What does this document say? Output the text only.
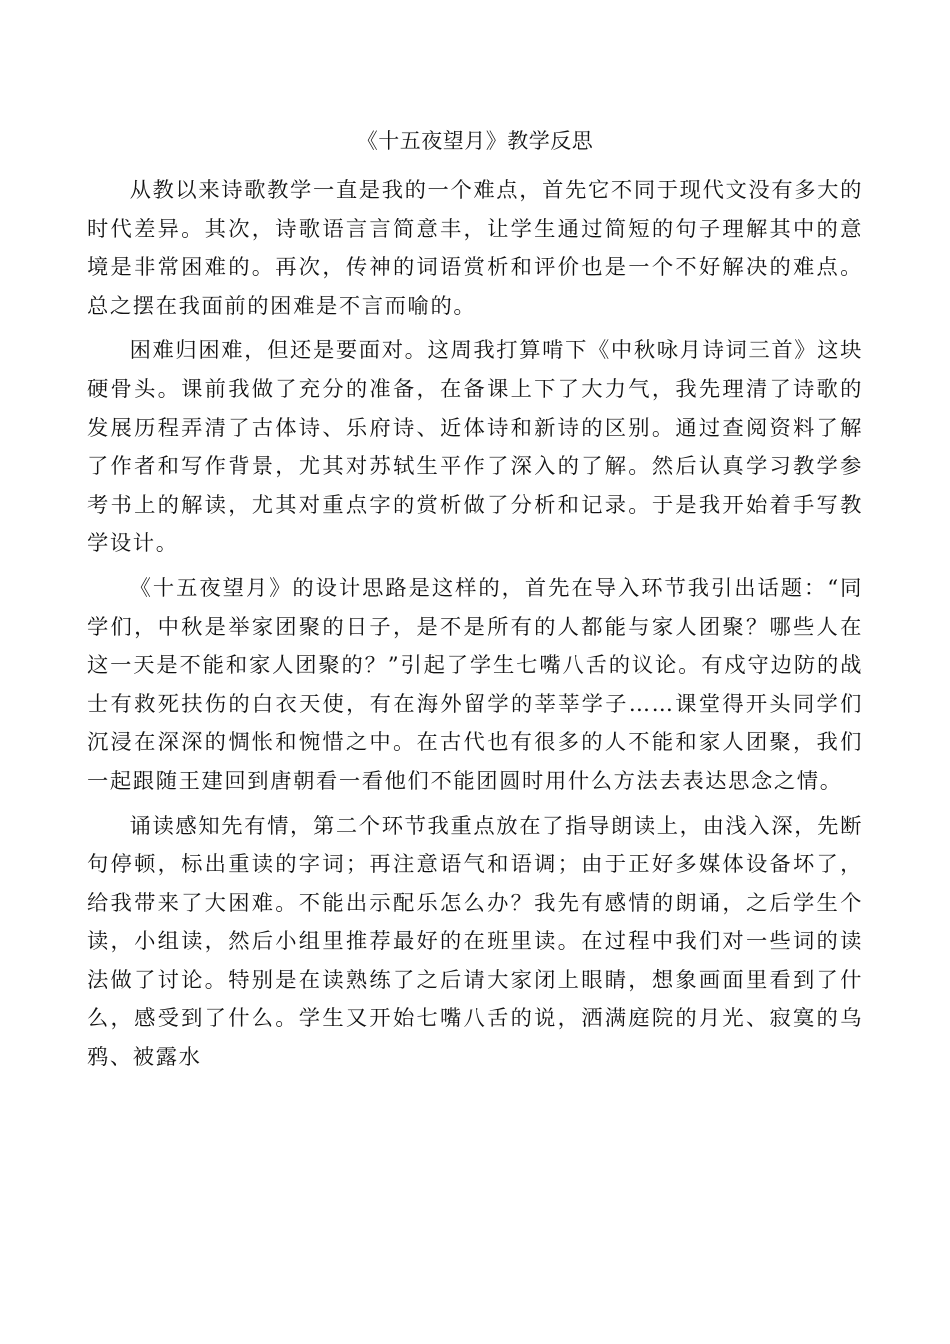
《十五夜望月》教学反思

从教以来诗歌教学一直是我的一个难点，首先它不同于现代文没有多大的时代差异。其次，诗歌语言言简意丰，让学生通过简短的句子理解其中的意境是非常困难的。再次，传神的词语赏析和评价也是一个不好解决的难点。总之摆在我面前的困难是不言而喻的。

困难归困难，但还是要面对。这周我打算啃下《中秋咏月诗词三首》这块硬骨头。课前我做了充分的准备，在备课上下了大力气，我先理清了诗歌的发展历程弄清了古体诗、乐府诗、近体诗和新诗的区别。通过查阅资料了解了作者和写作背景，尤其对苏轼生平作了深入的了解。然后认真学习教学参考书上的解读，尤其对重点字的赏析做了分析和记录。于是我开始着手写教学设计。

《十五夜望月》的设计思路是这样的，首先在导入环节我引出话题：“同学们，中秋是举家团聚的日子，是不是所有的人都能与家人团聚？哪些人在这一天是不能和家人团聚的？”引起了学生七嘴八舌的议论。有戍守边防的战士有救死扶伤的白衣天使，有在海外留学的莘莘学子……课堂得开头同学们沉浸在深深的惆怅和惋惜之中。在古代也有很多的人不能和家人团聚，我们一起跟随王建回到唐朝看一看他们不能团圆时用什么方法去表达思念之情。

诵读感知先有情，第二个环节我重点放在了指导朗读上，由浅入深，先断句停顿，标出重读的字词；再注意语气和语调；由于正好多媒体设备坏了，给我带来了大困难。不能出示配乐怎么办？我先有感情的朗诵，之后学生个读，小组读，然后小组里推荐最好的在班里读。在过程中我们对一些词的读法做了讨论。特别是在读熟练了之后请大家闭上眼睛，想象画面里看到了什么，感受到了什么。学生又开始七嘴八舌的说，洒满庭院的月光、寂寞的乌鸦、被露水
